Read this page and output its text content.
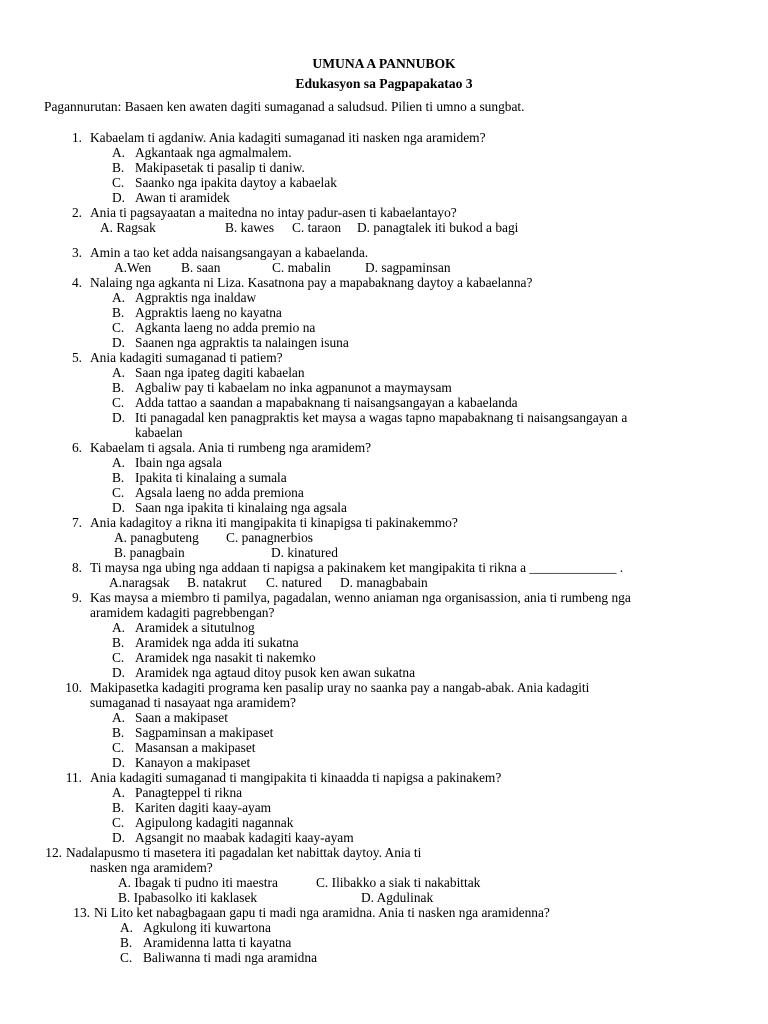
UMUNA A PANNUBOK
Edukasyon sa Pagpapakatao 3
Pagannurutan: Basaen ken awaten dagiti sumaganad a saludsud. Pilien ti umno a sungbat.
1. Kabaelam ti agdaniw. Ania kadagiti sumaganad iti nasken nga aramidem?
A. Agkantaak nga agmalmalem.
B. Makipasetak ti pasalip ti daniw.
C. Saanko nga ipakita daytoy a kabaelak
D. Awan ti aramidek
2. Ania ti pagsayaatan a maitedna no intay padur-asen ti kabaelantayo?
A. Ragsak	B. kawes C. taraon D. panagtalek iti bukod a bagi
3. Amin a tao ket adda naisangsangayan a kabaelanda.
A.Wen B. saan	C. mabalin	D. sagpaminsan
4. Nalaing nga agkanta ni Liza. Kasatnona pay a mapabaknang daytoy a kabaelanna?
A. Agpraktis nga inaldaw
B. Agpraktis laeng no kayatna
C. Agkanta laeng no adda premio na
D. Saanen nga agpraktis ta nalaingen isuna
5. Ania kadagiti sumaganad ti patiem?
A. Saan nga ipateg dagiti kabaelan
B. Agbaliw pay ti kabaelam no inka agpanunot a maymaysam
C. Adda tattao a saandan a mapabaknang ti naisangsangayan a kabaelanda
D. Iti panagadal ken panagpraktis ket maysa a wagas tapno mapabaknang ti naisangsangayan a
kabaelan
6. Kabaelam ti agsala. Ania ti rumbeng nga aramidem?
A. Ibain nga agsala
B. Ipakita ti kinalaing a sumala
C. Agsala laeng no adda premiona
D. Saan nga ipakita ti kinalaing nga agsala
7. Ania kadagitoy a rikna iti mangipakita ti kinapigsa ti pakinakemmo?
A. panagbuteng C. panagnerbios
B. panagbain	D. kinatured
8. Ti maysa nga ubing nga addaan ti napigsa a pakinakem ket mangipakita ti rikna a _____________ .
A.naragsak B. natakrut C. natured D. managbabain
9. Kas maysa a miembro ti pamilya, pagadalan, wenno aniaman nga organisassion, ania ti rumbeng nga
aramidem kadagiti pagrebbengan?
A. Aramidek a situtulnog
B. Aramidek nga adda iti sukatna
C. Aramidek nga nasakit ti nakemko
D. Aramidek nga agtaud ditoy pusok ken awan sukatna
10. Makipasetka kadagiti programa ken pasalip uray no saanka pay a nangab-abak. Ania kadagiti
sumaganad ti nasayaat nga aramidem?
A. Saan a makipaset
B. Sagpaminsan a makipaset
C. Masansan a makipaset
D. Kanayon a makipaset
11. Ania kadagiti sumaganad ti mangipakita ti kinaadda ti napigsa a pakinakem?
A. Panagteppel ti rikna
B. Kariten dagiti kaay-ayam
C. Agipulong kadagiti nagannak
D. Agsangit no maabak kadagiti kaay-ayam
12. Nadalapusmo ti masetera iti pagadalan ket nabittak daytoy. Ania ti
nasken nga aramidem?
A. Ibagak ti pudno iti maestra	C. Ilibakko a siak ti nakabittak
B. Ipabasolko iti kaklasek	D. Agdulinak
13. Ni Lito ket nabagbagaan gapu ti madi nga aramidna. Ania ti nasken nga aramidenna?
A. Agkulong iti kuwartona
B. Aramidenna latta ti kayatna
C. Baliwanna ti madi nga aramidna
